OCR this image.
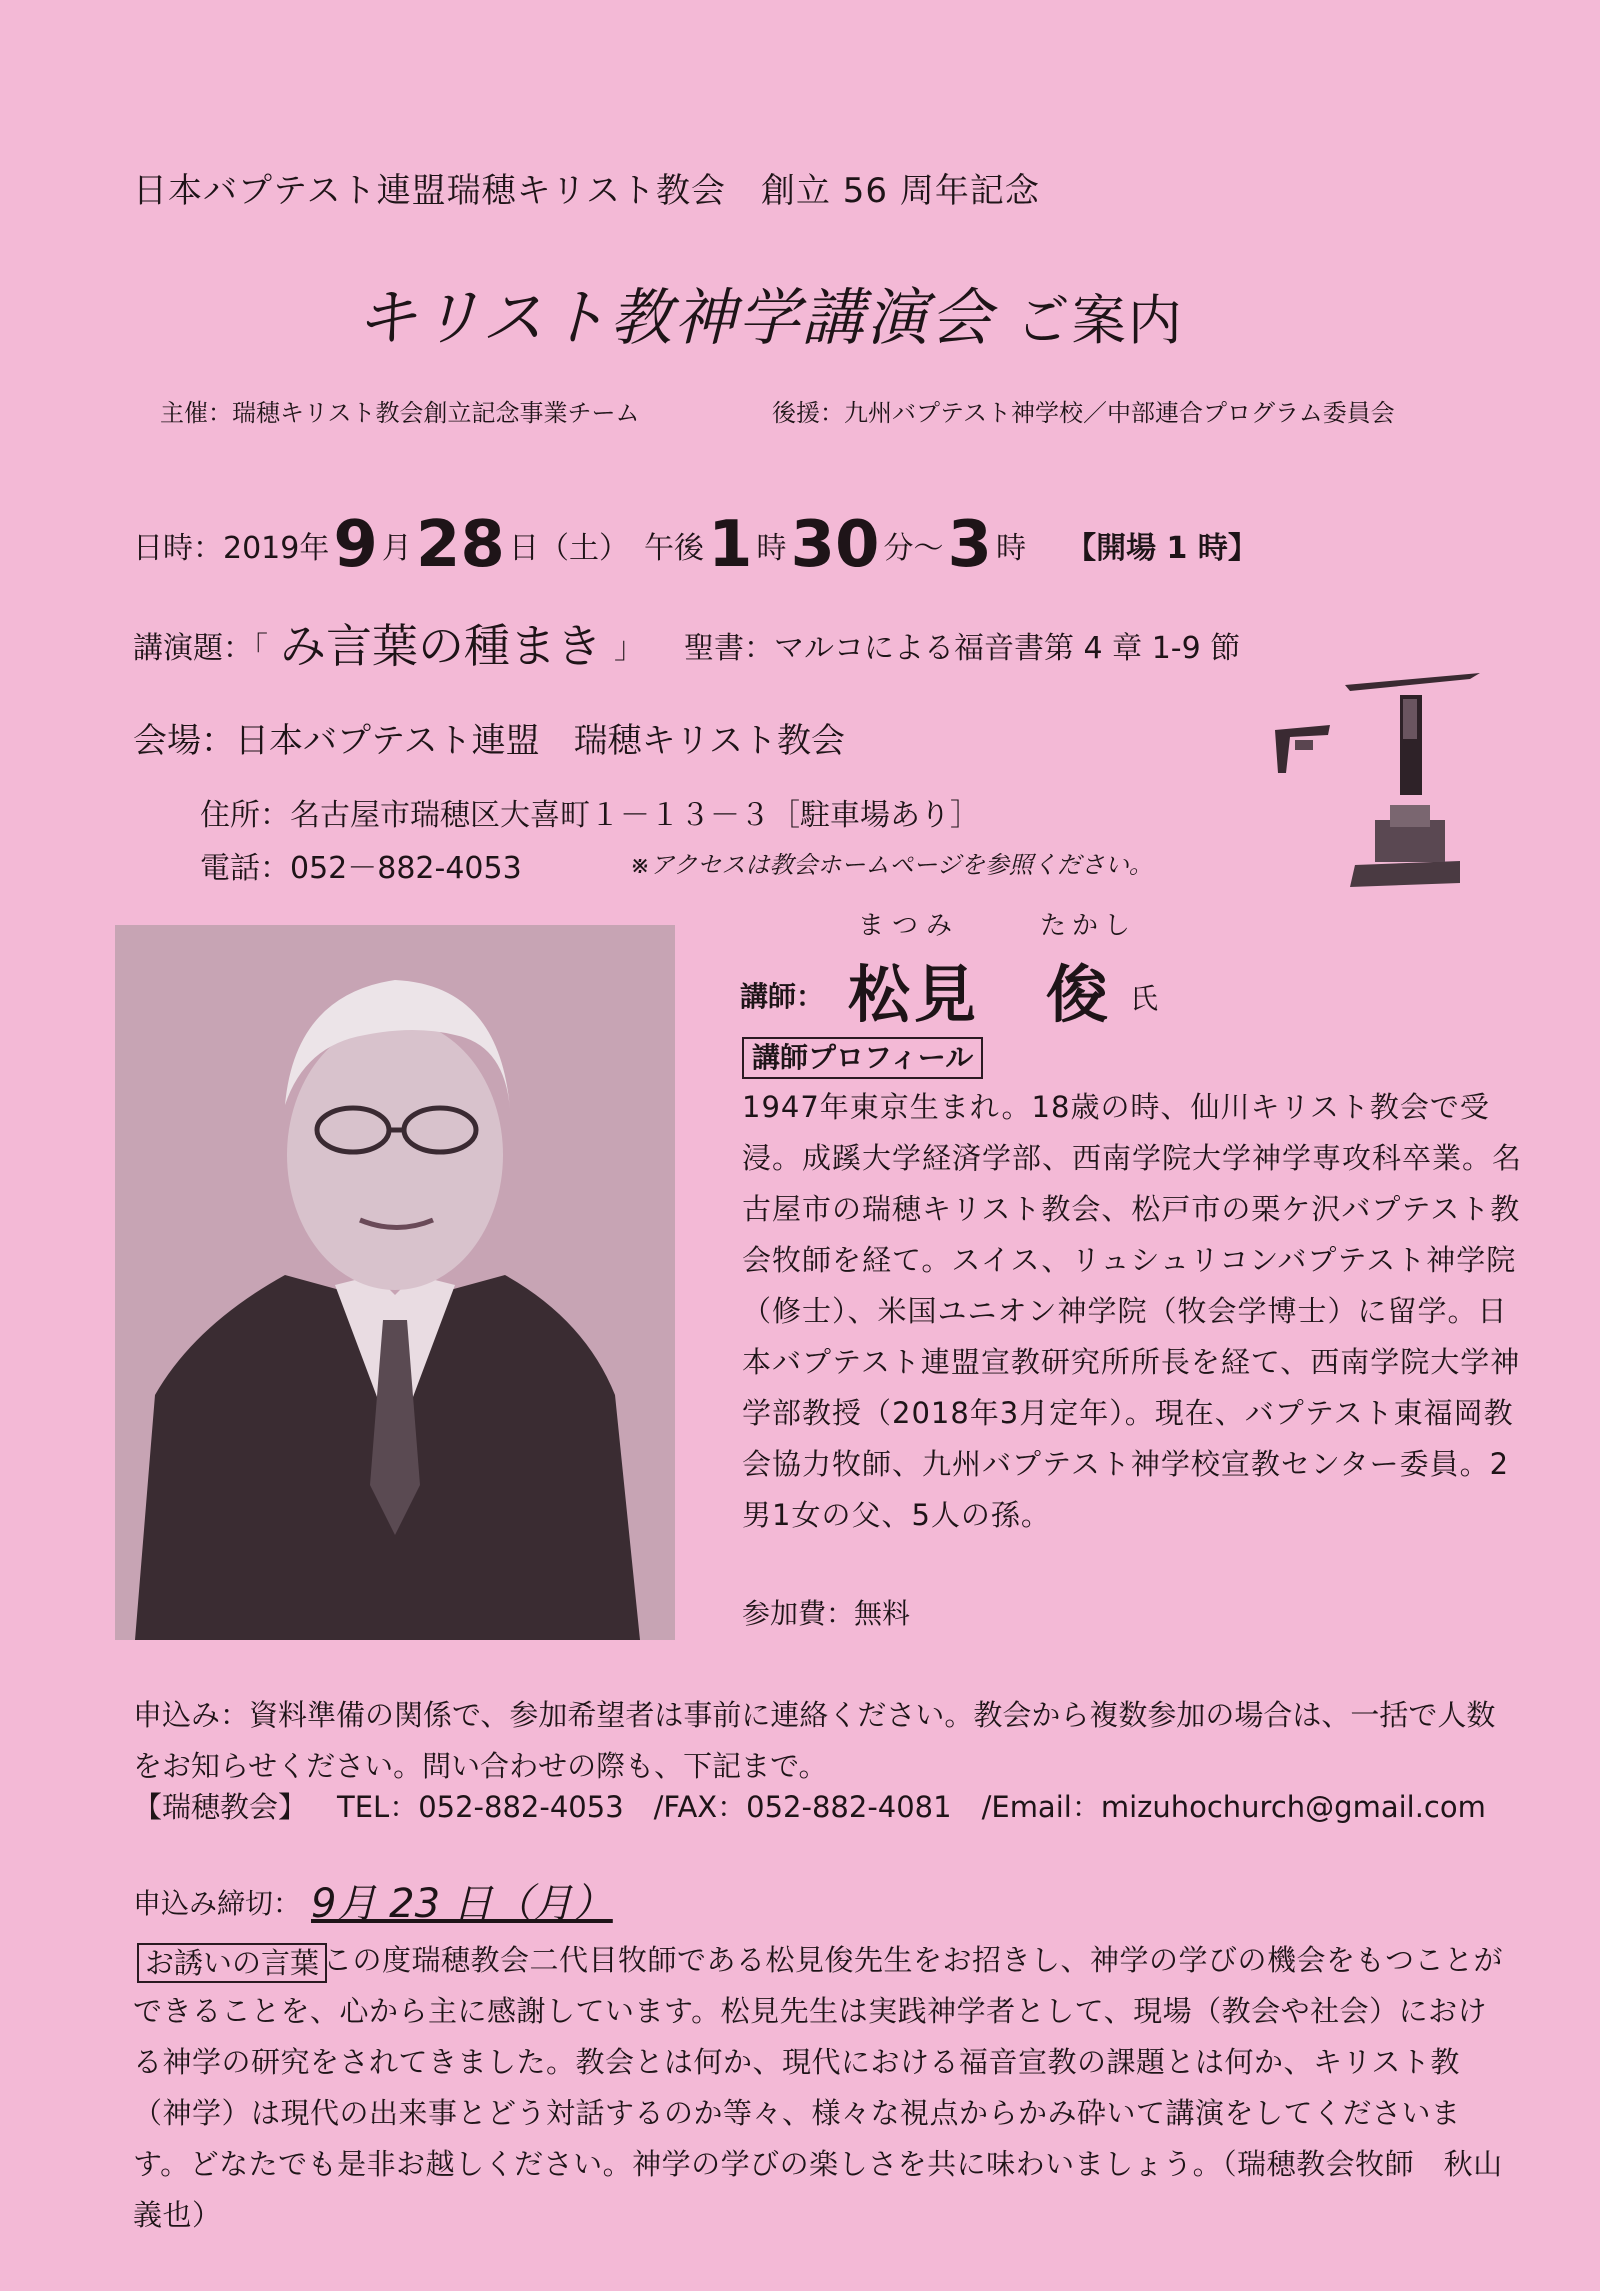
日本バプテスト連盟瑞穂キリスト教会　創立 56 周年記念
キリスト教神学講演会 ご案内
主催：瑞穂キリスト教会創立記念事業チーム	後援：九州バプテスト神学校／中部連合プログラム委員会
日時：2019年9 月28 日（土）　午後1 時30 分～3 時 【開場 1 時】
講演題：「 み言葉の種まき 」 聖書：マルコによる福音書第 4 章 1-9 節
会場：日本バプテスト連盟　瑞穂キリスト教会
住所：名古屋市瑞穂区大喜町１－１３－３［駐車場あり］
電話：052－882-4053	※アクセスは教会ホームページを参照ください。
まつみ	たかし
講師： 松見　俊 氏
講師プロフィール
1947年東京生まれ。18歳の時、仙川キリスト教会で受浸。成蹊大学経済学部、西南学院大学神学専攻科卒業。名古屋市の瑞穂キリスト教会、松戸市の栗ケ沢バプテスト教会牧師を経て。スイス、リュシュリコンバプテスト神学院（修士）、米国ユニオン神学院（牧会学博士）に留学。日本バプテスト連盟宣教研究所所長を経て、西南学院大学神学部教授（2018年3月定年）。現在、バプテスト東福岡教会協力牧師、九州バプテスト神学校宣教センター委員。2男1女の父、5人の孫。
参加費：無料
申込み：資料準備の関係で、参加希望者は事前に連絡ください。教会から複数参加の場合は、一括で人数をお知らせください。問い合わせの際も、下記まで。
【瑞穂教会】 TEL：052-882-4053 /FAX：052-882-4081 /Email：mizuhochurch@gmail.com
申込み締切： 9月 23 日（月）
この度瑞穂教会二代目牧師である松見俊先生をお招きし、神学の学びの機会をもつことができることを、心から主に感謝しています。松見先生は実践神学者として、現場（教会や社会）における神学の研究をされてきました。教会とは何か、現代における福音宣教の課題とは何か、キリスト教（神学）は現代の出来事とどう対話するのか等々、様々な視点からかみ砕いて講演をしてくださいます。どなたでも是非お越しください。神学の学びの楽しさを共に味わいましょう。（瑞穂教会牧師　秋山義也）
お誘いの言葉
